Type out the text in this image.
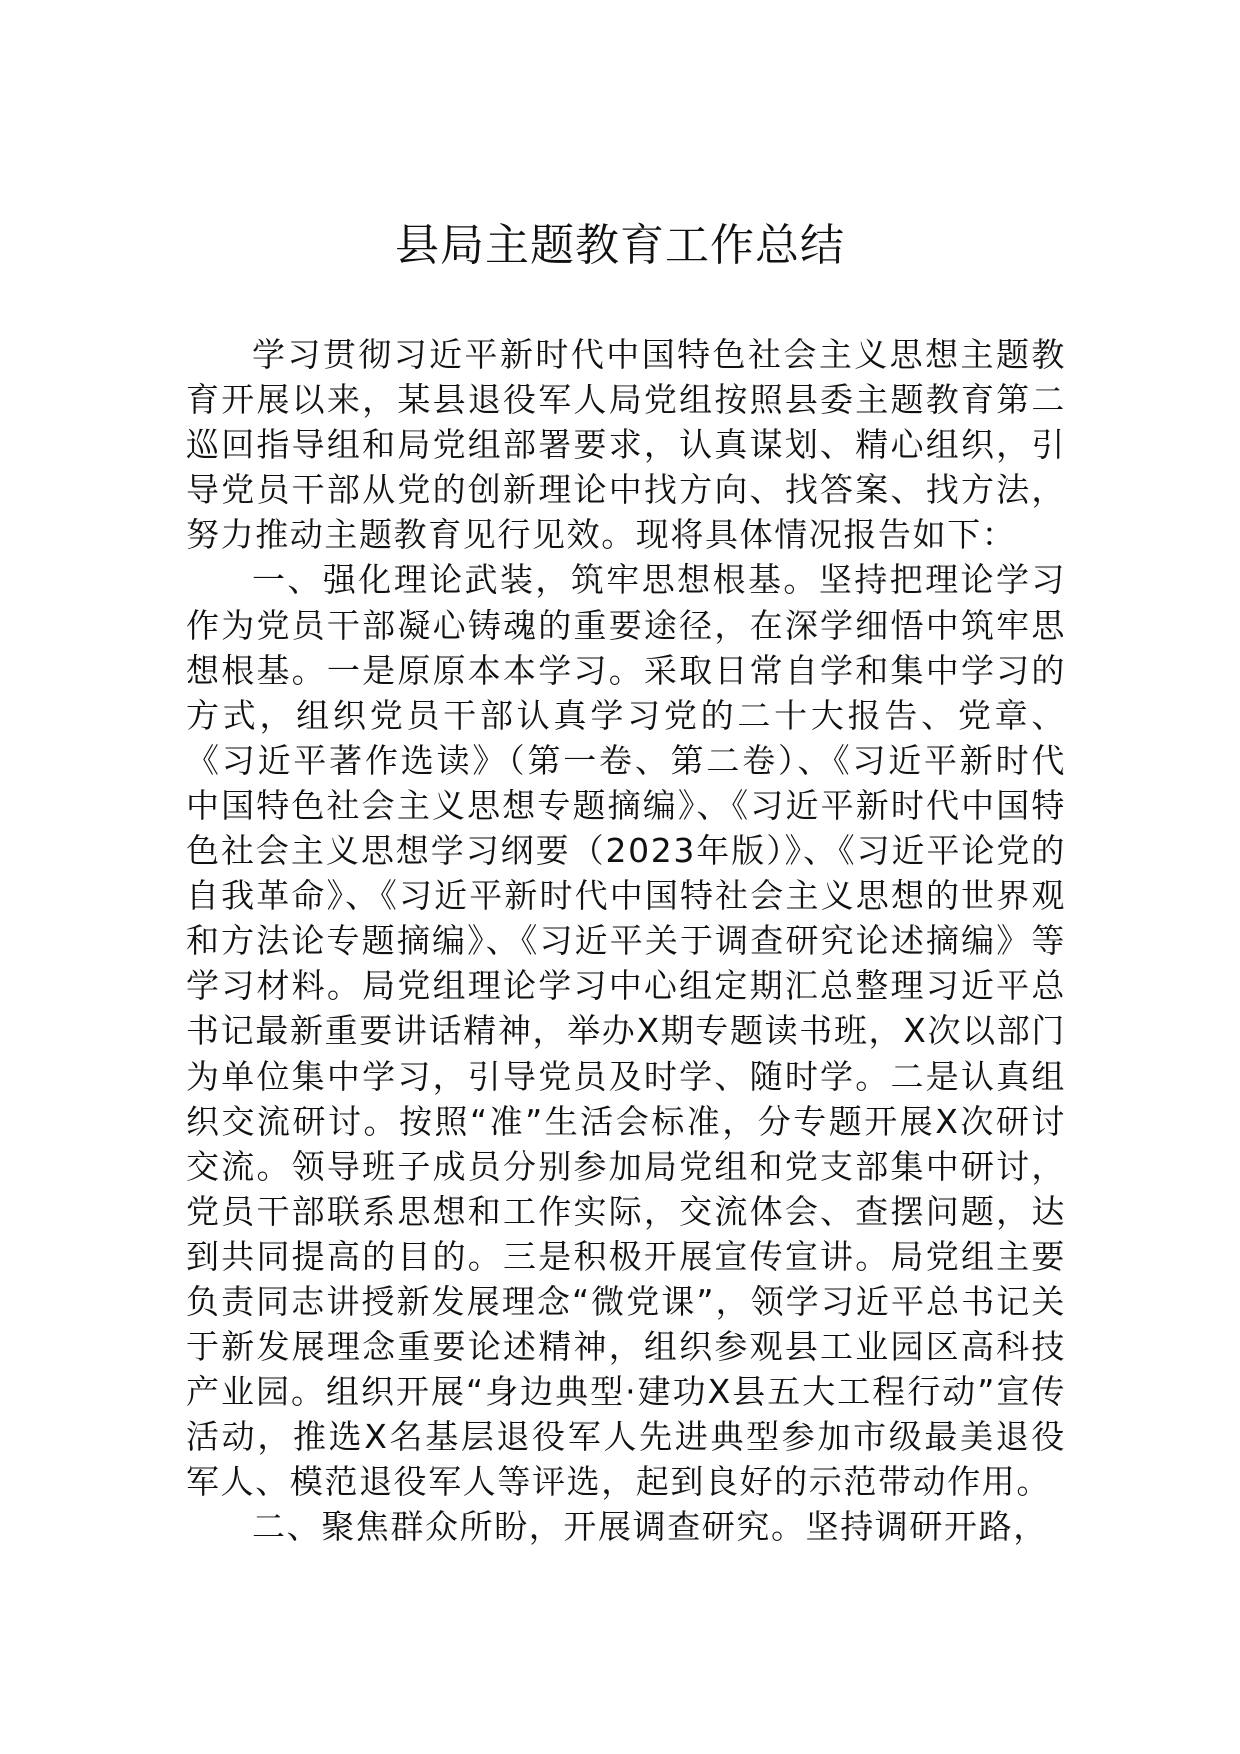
县局主题教育工作总结

学习贯彻习近平新时代中国特色社会主义思想主题教育开展以来，某县退役军人局党组按照县委主题教育第二巡回指导组和局党组部署要求，认真谋划、精心组织，引导党员干部从党的创新理论中找方向、找答案、找方法，努力推动主题教育见行见效。现将具体情况报告如下：

一、强化理论武装，筑牢思想根基。坚持把理论学习作为党员干部凝心铸魂的重要途径，在深学细悟中筑牢思想根基。一是原原本本学习。采取日常自学和集中学习的方式，组织党员干部认真学习党的二十大报告、党章、《习近平著作选读》（第一卷、第二卷）、《习近平新时代中国特色社会主义思想专题摘编》、《习近平新时代中国特色社会主义思想学习纲要（2023年版）》、《习近平论党的自我革命》、《习近平新时代中国特社会主义思想的世界观和方法论专题摘编》、《习近平关于调查研究论述摘编》等学习材料。局党组理论学习中心组定期汇总整理习近平总书记最新重要讲话精神，举办X期专题读书班，X次以部门为单位集中学习，引导党员及时学、随时学。二是认真组织交流研讨。按照“准”生活会标准，分专题开展X次研讨交流。领导班子成员分别参加局党组和党支部集中研讨，党员干部联系思想和工作实际，交流体会、查摆问题，达到共同提高的目的。三是积极开展宣传宣讲。局党组主要负责同志讲授新发展理念“微党课”，领学习近平总书记关于新发展理念重要论述精神，组织参观县工业园区高科技产业园。组织开展“身边典型·建功X县五大工程行动”宣传活动，推选X名基层退役军人先进典型参加市级最美退役军人、模范退役军人等评选，起到良好的示范带动作用。

二、聚焦群众所盼，开展调查研究。坚持调研开路，
